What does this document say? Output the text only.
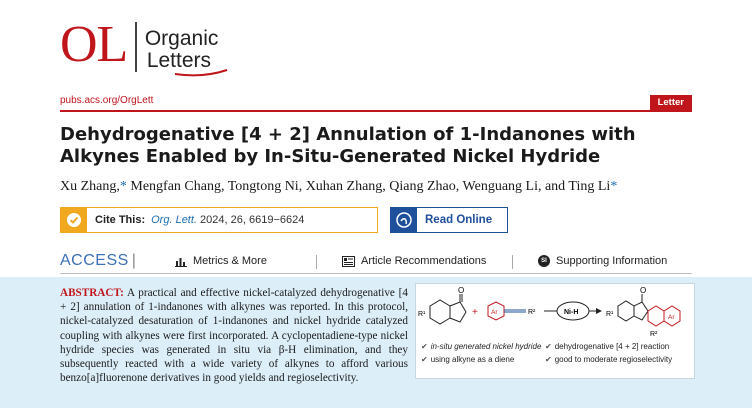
OL Organic
Letters
pubs.acs.org/OrgLett	Letter
Dehydrogenative [4 + 2] Annulation of 1-Indanones with Alkynes Enabled by In-Situ-Generated Nickel Hydride
Xu Zhang,* Mengfan Chang, Tongtong Ni, Xuhan Zhang, Qiang Zhao, Wenguang Li, and Ting Li*
Cite This: Org. Lett. 2024, 26, 6619−6624	Read Online
ACCESS |	Metrics & More	Article Recommendations	SI Supporting Information

ABSTRACT: A practical and effective nickel-catalyzed dehydrogenative [4 + 2] annulation of 1-indanones with alkynes was reported. In this protocol, nickel-catalyzed desaturation of 1-indanones and nickel hydride catalyzed coupling with alkynes were first incorporated. A cyclopentadiene-type nickel hydride species was generated in situ via β-H elimination, and they subsequently reacted with a wide variety of alkynes to afford various benzo[a]fluorenone derivatives in good yields and regioselectivity.

O
R¹	+ Ar	R²	Ni-H
Ar
O
R¹
R²
✔ in-situ generated nickel hydride ✔ dehydrogenative [4 + 2] reaction
✔ using alkyne as a diene	✔ good to moderate regioselectivity
